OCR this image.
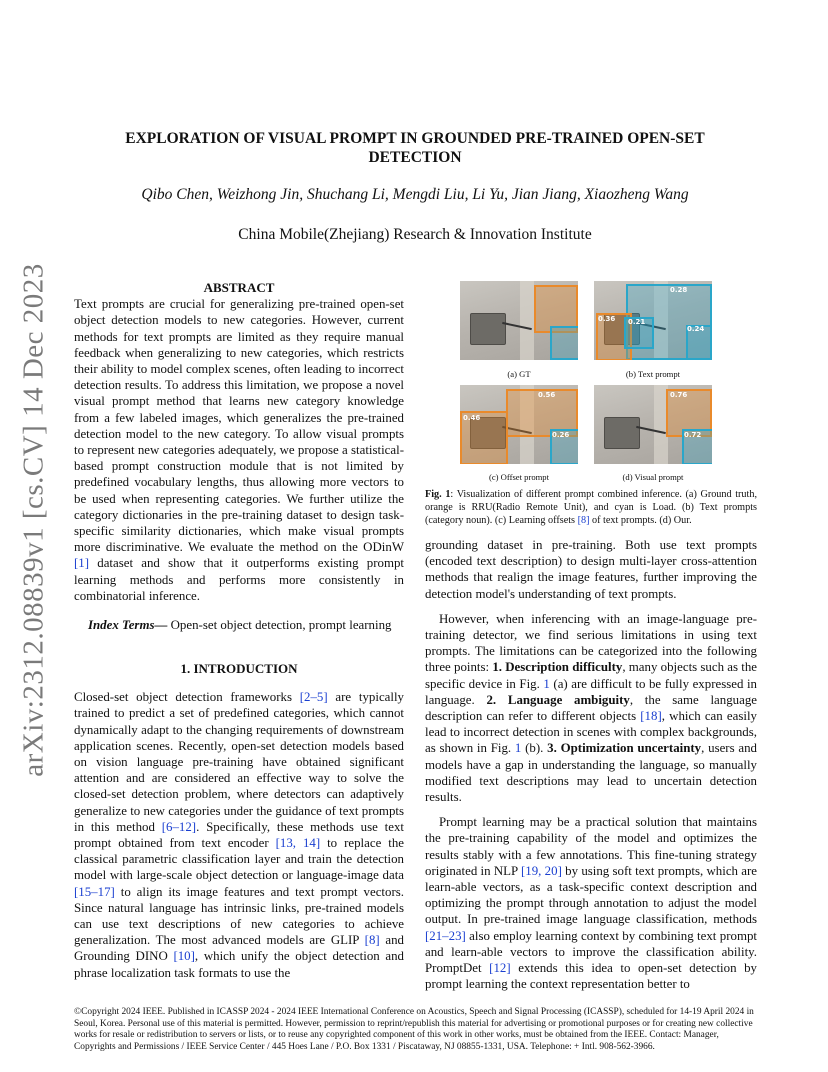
arXiv:2312.08839v1 [cs.CV] 14 Dec 2023
EXPLORATION OF VISUAL PROMPT IN GROUNDED PRE-TRAINED OPEN-SET DETECTION
Qibo Chen, Weizhong Jin, Shuchang Li, Mengdi Liu, Li Yu, Jian Jiang, Xiaozheng Wang
China Mobile(Zhejiang) Research & Innovation Institute

ABSTRACT

Text prompts are crucial for generalizing pre-trained open-set object detection models to new categories. However, current methods for text prompts are limited as they require manual feedback when generalizing to new categories, which restricts their ability to model complex scenes, often leading to incorrect detection results. To address this limitation, we propose a novel visual prompt method that learns new category knowledge from a few labeled images, which generalizes the pre-trained detection model to the new category. To allow visual prompts to represent new categories adequately, we propose a statistical-based prompt construction module that is not limited by predefined vocabulary lengths, thus allowing more vectors to be used when representing categories. We further utilize the category dictionaries in the pre-training dataset to design task-specific similarity dictionaries, which make visual prompts more discriminative. We evaluate the method on the ODinW [1] dataset and show that it outperforms existing prompt learning methods and performs more consistently in combinatorial inference.

Index Terms— Open-set object detection, prompt learning

1. INTRODUCTION

Closed-set object detection frameworks [2–5] are typically trained to predict a set of predefined categories, which cannot dynamically adapt to the changing requirements of downstream application scenes. Recently, open-set detection models based on vision language pre-training have obtained significant attention and are considered an effective way to solve the closed-set detection problem, where detectors can adaptively generalize to new categories under the guidance of text prompts in this method [6–12]. Specifically, these methods use text prompt obtained from text encoder [13, 14] to replace the classical parametric classification layer and train the detection model with large-scale object detection or language-image data [15–17] to align its image features and text prompt vectors. Since natural language has intrinsic links, pre-trained models can use text descriptions of new categories to achieve generalization. The most advanced models are GLIP [8] and Grounding DINO [10], which unify the object detection and phrase localization task formats to use the

(a) GT
0.28
0.36 0.21
0.24
(b) Text prompt
0.56
0.46
0.26
(c) Offset prompt
0.76
0.72
(d) Visual prompt
Fig. 1: Visualization of different prompt combined inference. (a) Ground truth, orange is RRU(Radio Remote Unit), and cyan is Load. (b) Text prompts (category noun). (c) Learning offsets [8] of text prompts. (d) Our.

grounding dataset in pre-training. Both use text prompts (encoded text description) to design multi-layer cross-attention methods that realign the image features, further improving the detection model's understanding of text prompts.

However, when inferencing with an image-language pre-training detector, we find serious limitations in using text prompts. The limitations can be categorized into the following three points: 1. Description difficulty, many objects such as the specific device in Fig. 1 (a) are difficult to be fully expressed in language. 2. Language ambiguity, the same language description can refer to different objects [18], which can easily lead to incorrect detection in scenes with complex backgrounds, as shown in Fig. 1 (b). 3. Optimization uncertainty, users and models have a gap in understanding the language, so manually modified text descriptions may lead to uncertain detection results.

Prompt learning may be a practical solution that maintains the pre-training capability of the model and optimizes the results stably with a few annotations. This fine-tuning strategy originated in NLP [19, 20] by using soft text prompts, which are learn-able vectors, as a task-specific context description and optimizing the prompt through annotation to adjust the model output. In pre-trained image language classification, methods [21–23] also employ learning context by combining text prompt and learn-able vectors to improve the classification ability. PromptDet [12] extends this idea to open-set detection by prompt learning the context representation better to

©Copyright 2024 IEEE. Published in ICASSP 2024 - 2024 IEEE International Conference on Acoustics, Speech and Signal Processing (ICASSP), scheduled for 14-19 April 2024 in Seoul, Korea. Personal use of this material is permitted. However, permission to reprint/republish this material for advertising or promotional purposes or for creating new collective works for resale or redistribution to servers or lists, or to reuse any copyrighted component of this work in other works, must be obtained from the IEEE. Contact: Manager, Copyrights and Permissions / IEEE Service Center / 445 Hoes Lane / P.O. Box 1331 / Piscataway, NJ 08855-1331, USA. Telephone: + Intl. 908-562-3966.
